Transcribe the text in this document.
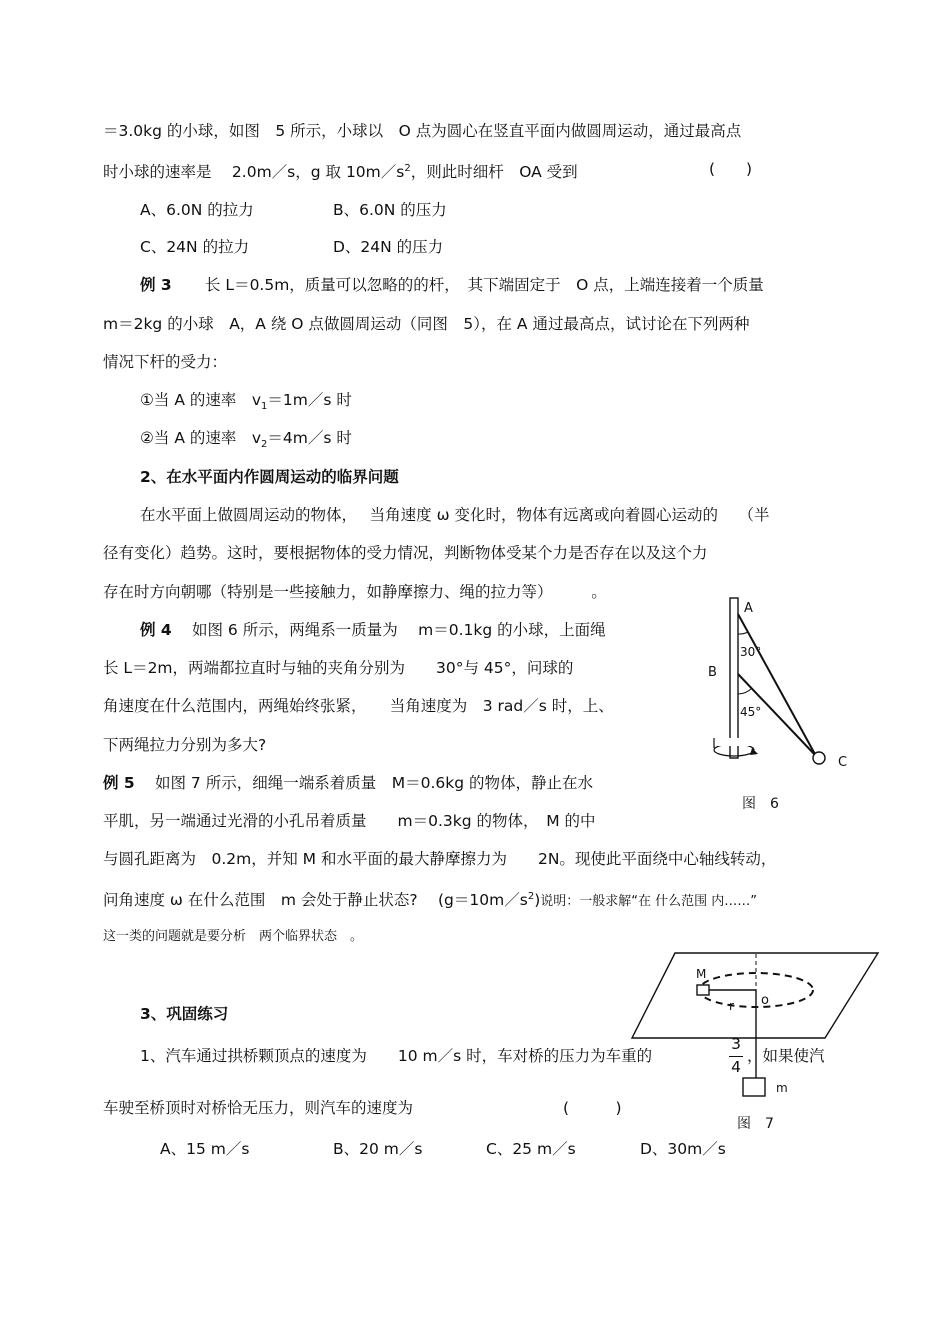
＝3.0kg 的小球，如图　5 所示，小球以　O 点为圆心在竖直平面内做圆周运动，通过最高点
时小球的速率是　 2.0m／s，g 取 $10m/s^2$，则此时细杆　OA 受到	(　　)
A、6.0N 的拉力	B、6.0N 的压力
C、24N 的拉力	D、24N 的压力
例 3 长 L＝0.5m，质量可以忽略的的杆，　其下端固定于　O 点，上端连接着一个质量
m＝2kg 的小球　A，A 绕 O 点做圆周运动（同图　5），在 A 通过最高点，试讨论在下列两种
情况下杆的受力：
①当 A 的速率　$v_1=1m/s$ 时
②当 A 的速率　$v_2=4m/s$ 时
2、在水平面内作圆周运动的临界问题
在水平面上做圆周运动的物体，　 当角速度 ω 变化时，物体有远离或向着圆心运动的　 （半
径有变化）趋势。这时，要根据物体的受力情况，判断物体受某个力是否存在以及这个力
存在时方向朝哪（特别是一些接触力，如静摩擦力、绳的拉力等）　　　。
例 4 如图 6 所示，两绳系一质量为　 m＝0.1kg 的小球，上面绳
长 L＝2m，两端都拉直时与轴的夹角分别为　　30°与 45°，问球的
角速度在什么范围内，两绳始终张紧，　　当角速度为　3 rad／s 时，上、
下两绳拉力分别为多大?
例 5 如图 7 所示，细绳一端系着质量　M＝0.6kg 的物体，静止在水
平肌，另一端通过光滑的小孔吊着质量　　m＝0.3kg 的物体，　M 的中
与圆孔距离为　0.2m，并知 M 和水平面的最大静摩擦力为　　2N。现使此平面绕中心轴线转动，
问角速度 ω 在什么范围　m 会处于静止状态?　 $(g=10m/s^2)$说明：一般求解“在 什么范围 内……”
这一类的问题就是要分析　两个临界状态　。
3、巩固练习
1、汽车通过拱桥颗顶点的速度为　　10 m／s 时，车对桥的压力为车重的
3
4
，如果使汽
车驶至桥顶时对桥恰无压力，则汽车的速度为	(　　　)
A、15 m／s	B、20 m／s	C、25 m／s	D、30m／s
A
B
C
30°
45°
图　6
M
r o
m
图　7
